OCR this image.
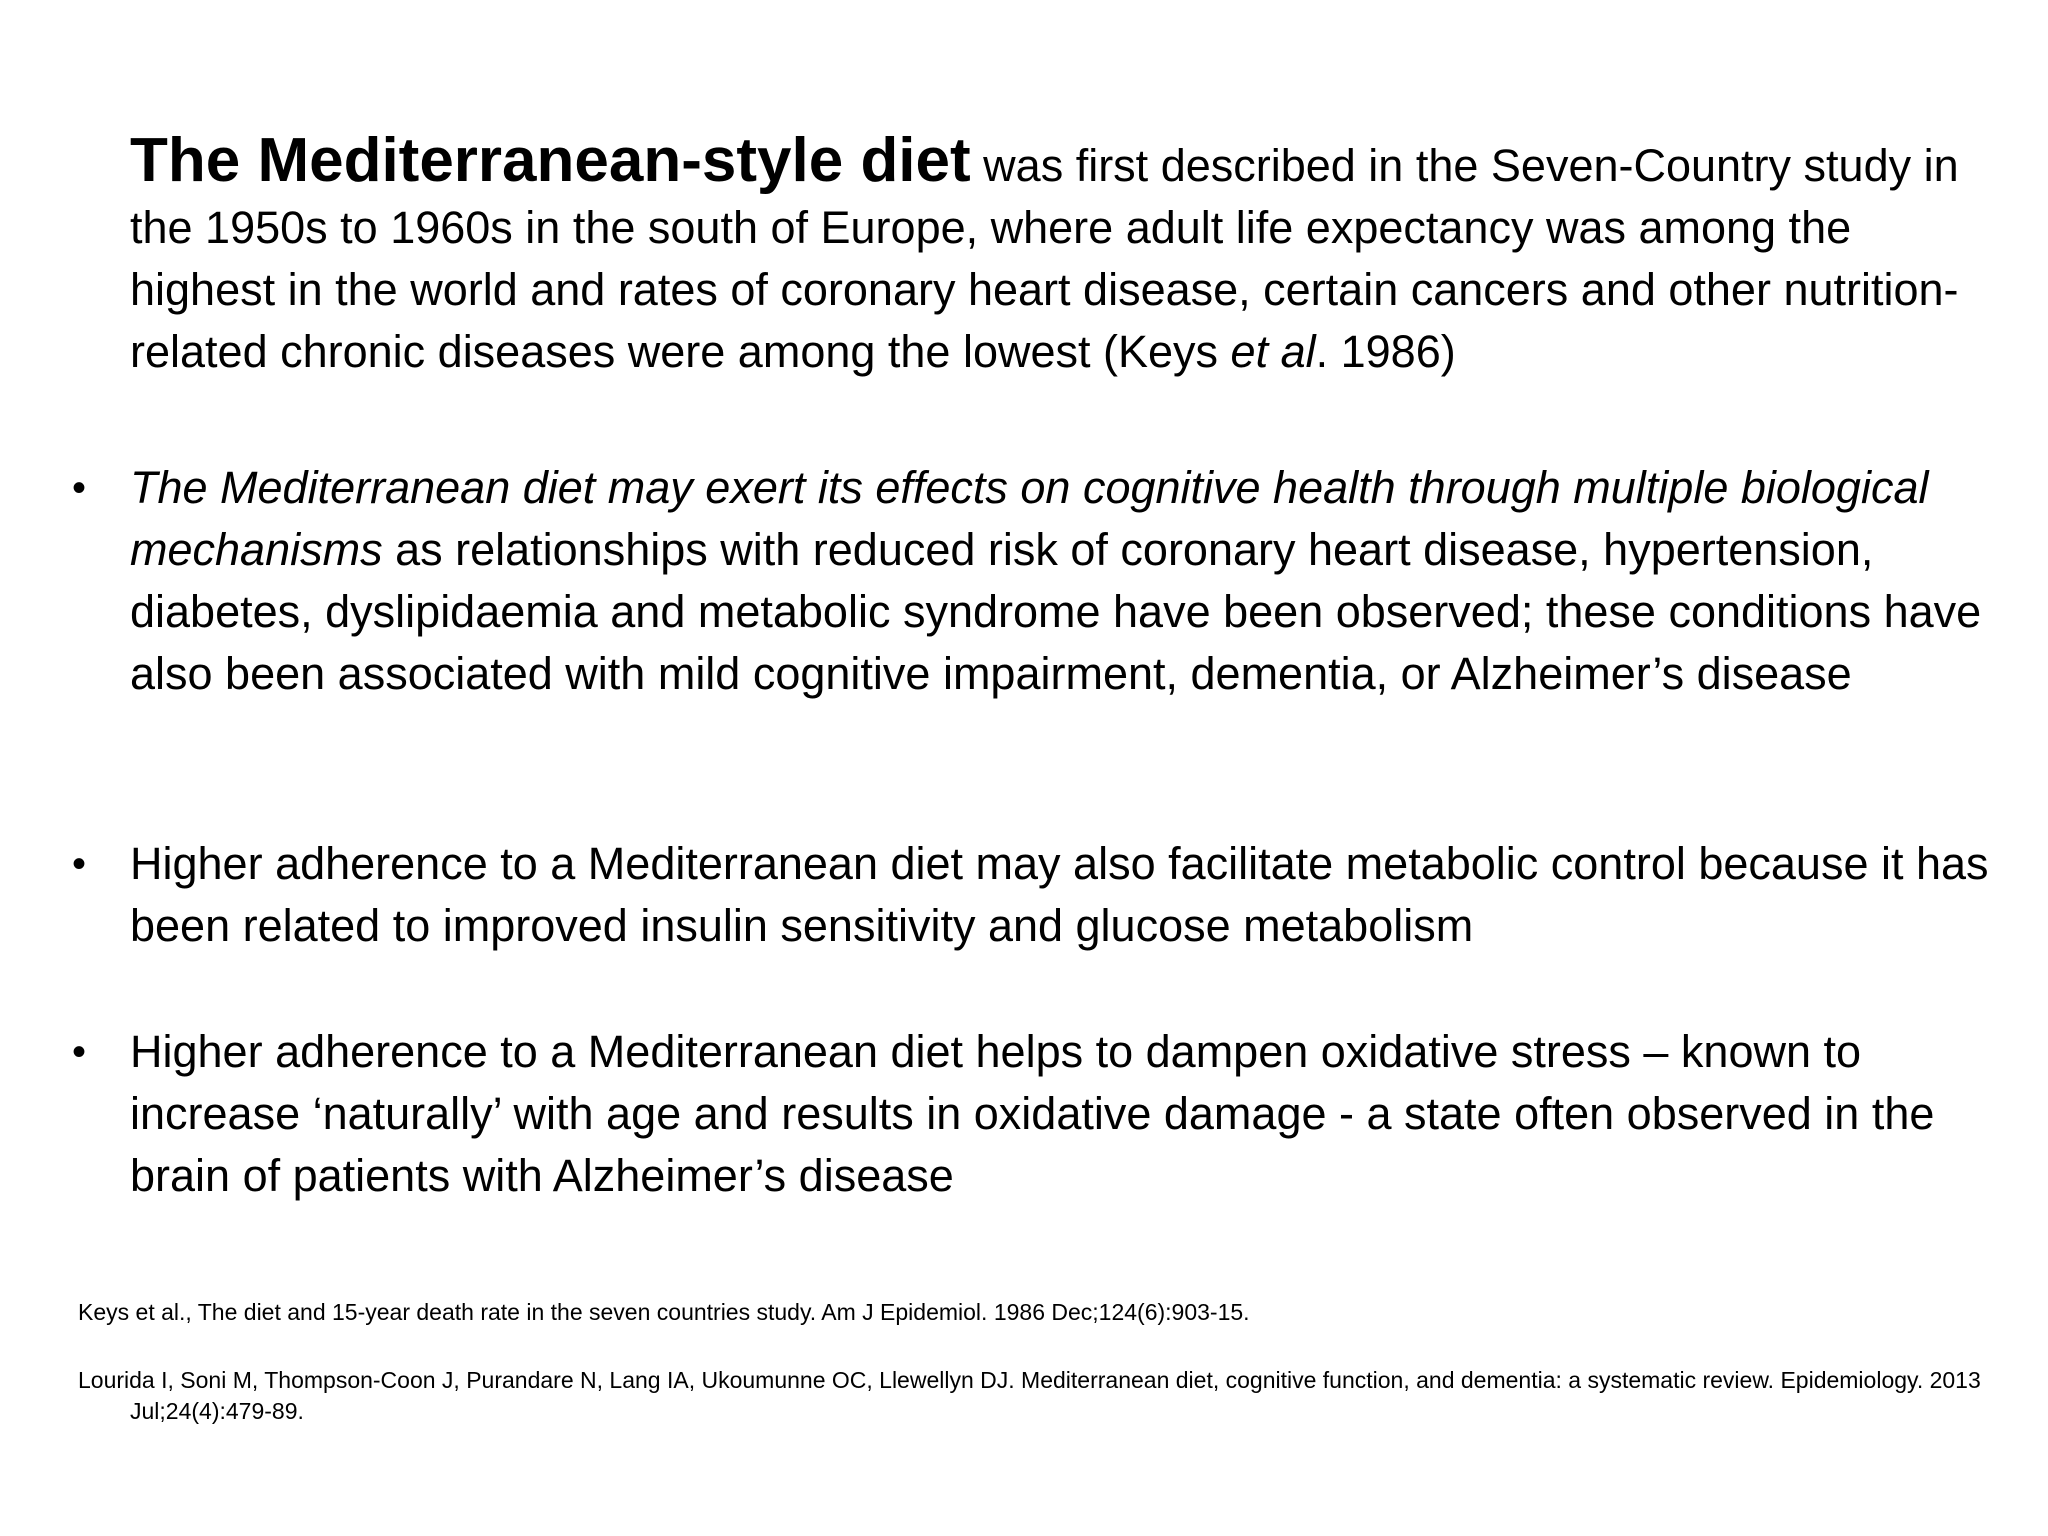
The Mediterranean-style diet was first described in the Seven-Country study in the 1950s to 1960s in the south of Europe, where adult life expectancy was among the highest in the world and rates of coronary heart disease, certain cancers and other nutrition-related chronic diseases were among the lowest (Keys et al. 1986)

• The Mediterranean diet may exert its effects on cognitive health through multiple biological mechanisms as relationships with reduced risk of coronary heart disease, hypertension, diabetes, dyslipidaemia and metabolic syndrome have been observed; these conditions have also been associated with mild cognitive impairment, dementia, or Alzheimer’s disease

• Higher adherence to a Mediterranean diet may also facilitate metabolic control because it has been related to improved insulin sensitivity and glucose metabolism

• Higher adherence to a Mediterranean diet helps to dampen oxidative stress – known to increase ‘naturally’ with age and results in oxidative damage - a state often observed in the brain of patients with Alzheimer’s disease

Keys et al., The diet and 15-year death rate in the seven countries study. Am J Epidemiol. 1986 Dec;124(6):903-15.

Lourida I, Soni M, Thompson-Coon J, Purandare N, Lang IA, Ukoumunne OC, Llewellyn DJ. Mediterranean diet, cognitive function, and dementia: a systematic review. Epidemiology. 2013 Jul;24(4):479-89.
